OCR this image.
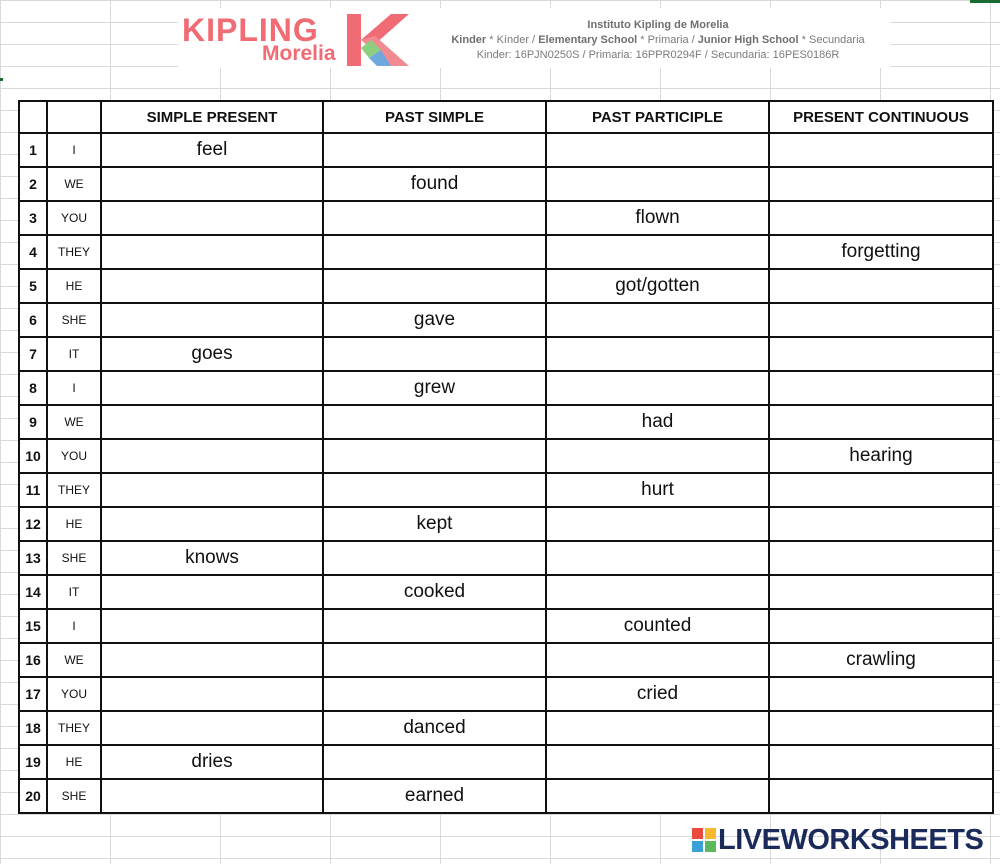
KIPLING
Morelia
Instituto Kipling de Morelia
Kinder * Kínder / Elementary School * Primaria / Junior High School * Secundaria
Kinder: 16PJN0250S / Primaria: 16PPR0294F / Secundaria: 16PES0186R
		SIMPLE PRESENT	PAST SIMPLE	PAST PARTICIPLE	PRESENT CONTINUOUS
1	I	feel			
2	WE		found		
3	YOU			flown	
4	THEY				forgetting
5	HE			got/gotten	
6	SHE		gave		
7	IT	goes			
8	I		grew		
9	WE			had	
10	YOU				hearing
11	THEY			hurt	
12	HE		kept		
13	SHE	knows			
14	IT		cooked		
15	I			counted	
16	WE				crawling
17	YOU			cried	
18	THEY		danced		
19	HE	dries			
20	SHE		earned		
LIVEWORKSHEETS
